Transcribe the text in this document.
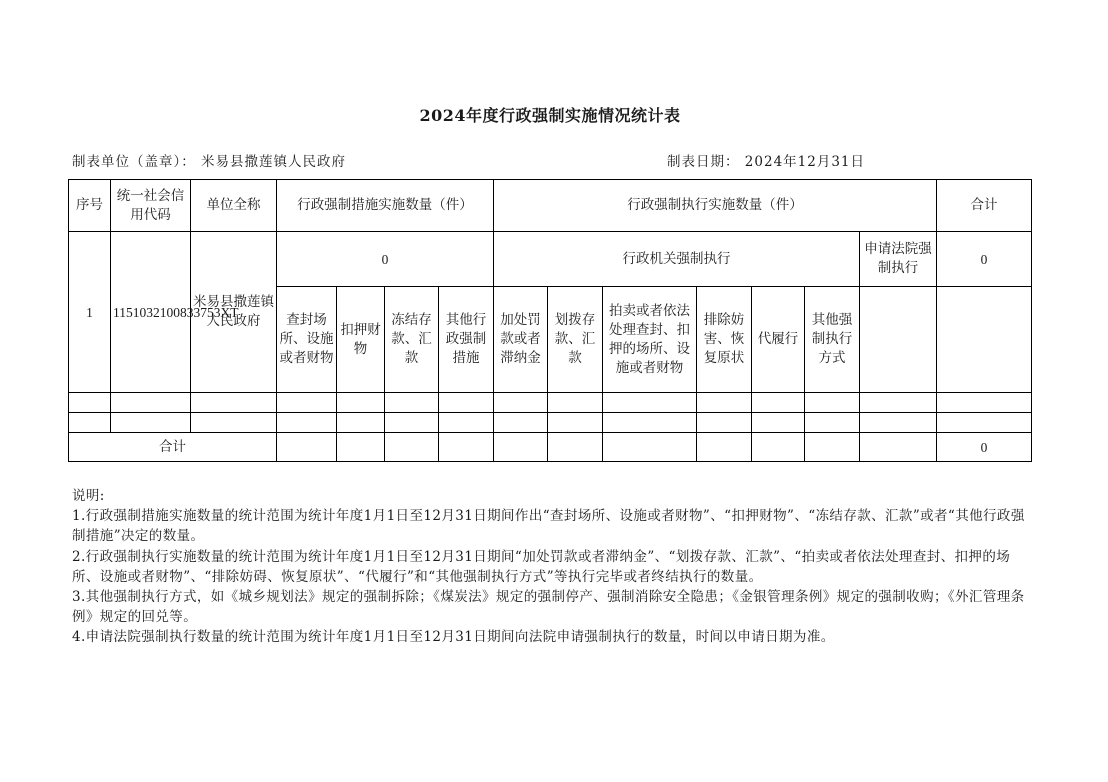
2024年度行政强制实施情况统计表
制表单位（盖章）： 米易县撒莲镇人民政府	制表日期： 2024年12月31日
序号	统一社会信用代码	单位全称	行政强制措施实施数量（件）				行政强制执行实施数量（件）							合计
1	1151032100833753XT	米易县撒莲镇人民政府	0				行政机关强制执行						申请法院强制执行	0
			查封场所、设施或者财物	扣押财物	冻结存款、汇款	其他行政强制措施	加处罚款或者滞纳金	划拨存款、汇款	拍卖或者依法处理查封、扣押的场所、设施或者财物	排除妨害、恢复原状	代履行	其他强制执行方式		

合计														0

说明:

1.行政强制措施实施数量的统计范围为统计年度1月1日至12月31日期间作出“查封场所、设施或者财物”、“扣押财物”、“冻结存款、汇款”或者“其他行政强制措施”决定的数量。

2.行政强制执行实施数量的统计范围为统计年度1月1日至12月31日期间“加处罚款或者滞纳金”、“划拨存款、汇款”、“拍卖或者依法处理查封、扣押的场所、设施或者财物”、“排除妨碍、恢复原状”、“代履行”和“其他强制执行方式”等执行完毕或者终结执行的数量。

3.其他强制执行方式，如《城乡规划法》规定的强制拆除；《煤炭法》规定的强制停产、强制消除安全隐患；《金银管理条例》规定的强制收购；《外汇管理条例》规定的回兑等。

4.申请法院强制执行数量的统计范围为统计年度1月1日至12月31日期间向法院申请强制执行的数量，时间以申请日期为准。
